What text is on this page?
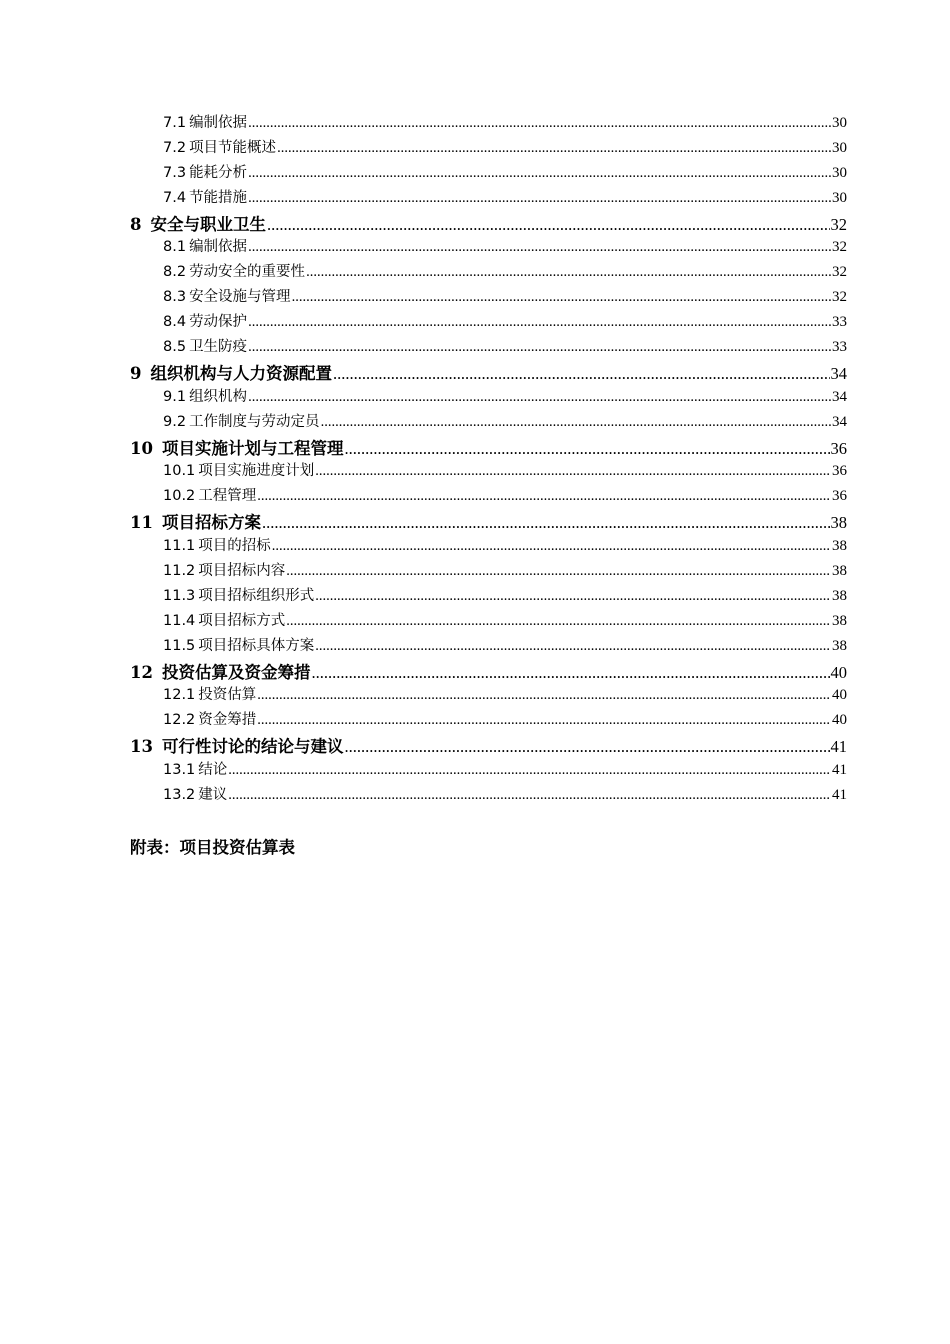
7.1 编制依据 .....	30
7.2 项目节能概述 .....	30
7.3 能耗分析 .....	30
7.4 节能措施 .....	30
8 安全与职业卫生 .....	32
8.1 编制依据 .....	32
8.2 劳动安全的重要性 .....	32
8.3 安全设施与管理 .....	32
8.4 劳动保护 .....	33
8.5 卫生防疫 .....	33
9 组织机构与人力资源配置 .....	34
9.1 组织机构 .....	34
9.2 工作制度与劳动定员 .....	34
10 项目实施计划与工程管理 .....	36
10.1 项目实施进度计划 .....	36
10.2 工程管理 .....	36
11 项目招标方案 .....	38
11.1 项目的招标 .....	38
11.2 项目招标内容 .....	38
11.3 项目招标组织形式 .....	38
11.4 项目招标方式 .....	38
11.5 项目招标具体方案 .....	38
12 投资估算及资金筹措 .....	40
12.1 投资估算 .....	40
12.2 资金筹措 .....	40
13 可行性讨论的结论与建议 .....	41
13.1 结论 .....	41
13.2 建议 .....	41
附表：项目投资估算表
